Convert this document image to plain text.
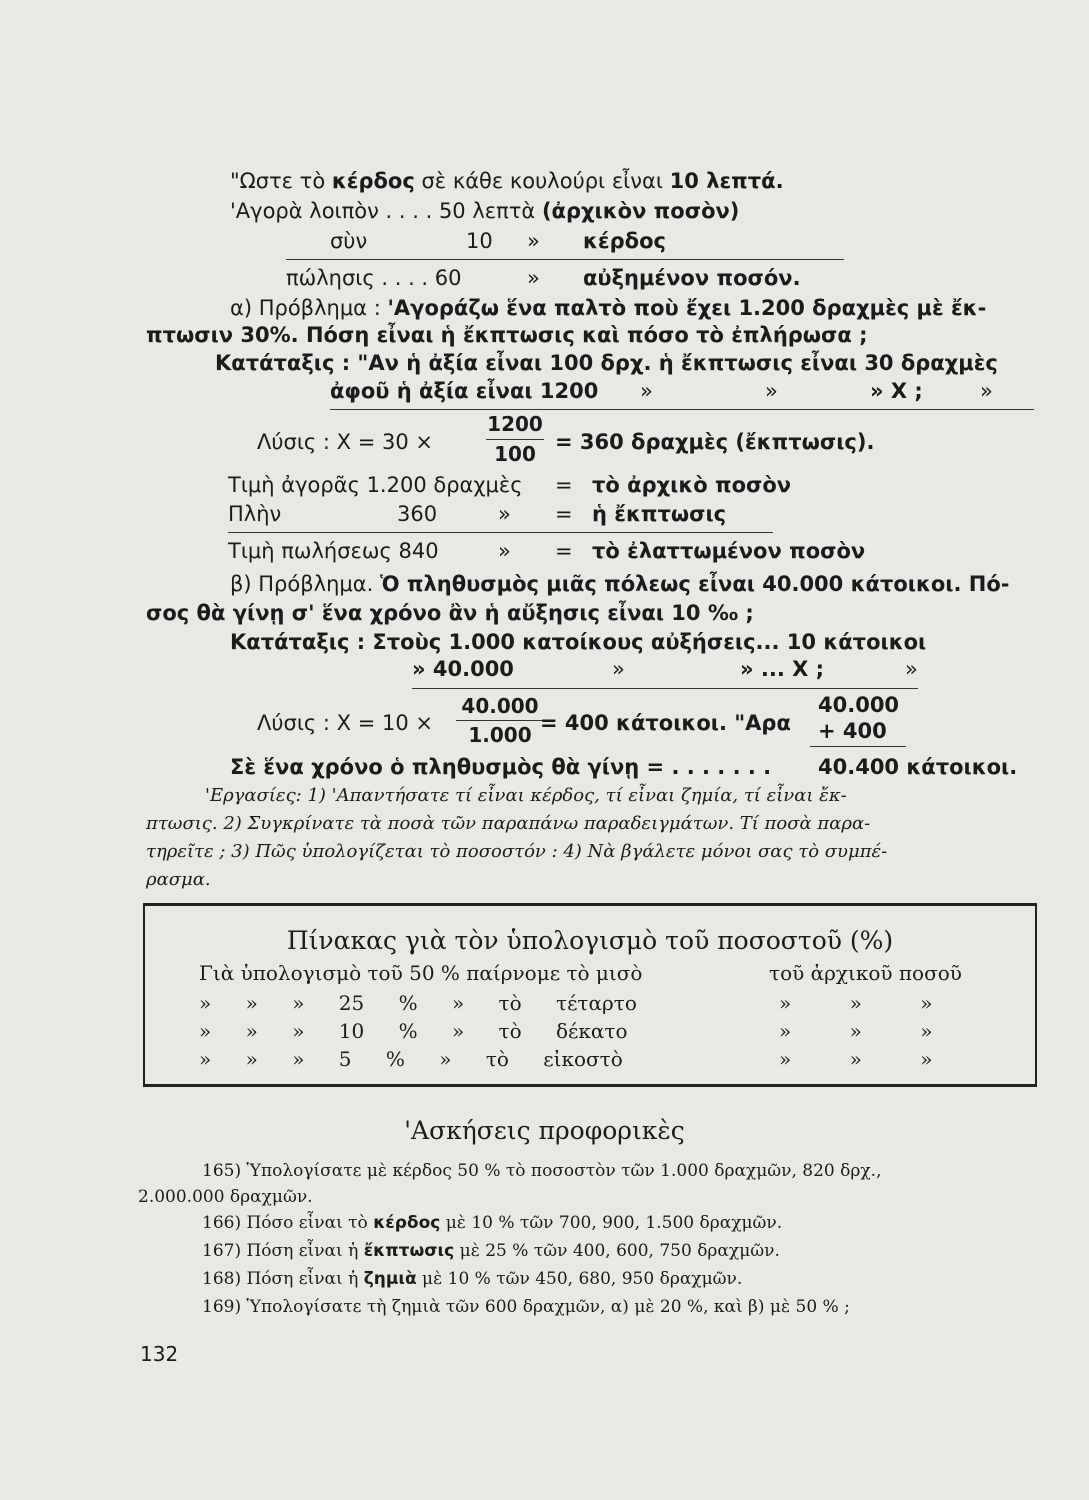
"Ωστε τὸ κέρδος σὲ κάθε κουλούρι εἶναι 10 λεπτά.
'Αγορὰ λοιπὸν . . . . 50 λεπτὰ (ἀρχικὸν ποσὸν)
σὺν	10 » κέρδος
πώλησις . . . . 60	» αὐξημένον ποσόν.
α) Πρόβλημα : 'Αγοράζω ἕνα παλτὸ ποὺ ἔχει 1.200 δραχμὲς μὲ ἔκ-
πτωσιν 30%. Πόση εἶναι ἡ ἔκπτωσις καὶ πόσο τὸ ἐπλήρωσα ;
Κατάταξις : "Αν ἡ ἀξία εἶναι 100 δρχ. ἡ ἔκπτωσις εἶναι 30 δραχμὲς
ἀφοῦ ἡ ἀξία εἶναι 1200 »	»	» X ;	»
Λύσις : X = 30 ×
1200
100 = 360 δραχμὲς (ἔκπτωσις).
Τιμὴ ἀγορᾶς 1.200 δραχμὲς = τὸ ἀρχικὸ ποσὸν
Πλὴν	360	» = ἡ ἔκπτωσις
Τιμὴ πωλήσεως 840	» = τὸ ἐλαττωμένον ποσὸν
β) Πρόβλημα. Ὁ πληθυσμὸς μιᾶς πόλεως εἶναι 40.000 κάτοικοι. Πό-
σος θὰ γίνῃ σ' ἕνα χρόνο ἂν ἡ αὔξησις εἶναι 10 ‰ ;
Κατάταξις : Στοὺς 1.000 κατοίκους αὐξήσεις... 10 κάτοικοι
» 40.000	»	» ... X ;	»
Λύσις : X = 10 ×
40.000
1.000 = 400 κάτοικοι. "Αρα
40.000
+ 400
Σὲ ἕνα χρόνο ὁ πληθυσμὸς θὰ γίνῃ = . . . . . . . 40.400 κάτοικοι.
'Εργασίες: 1) 'Απαντήσατε τί εἶναι κέρδος, τί εἶναι ζημία, τί εἶναι ἔκ-
πτωσις. 2) Συγκρίνατε τὰ ποσὰ τῶν παραπάνω παραδειγμάτων. Τί ποσὰ παρα-
τηρεῖτε ; 3) Πῶς ὑπολογίζεται τὸ ποσοστόν : 4) Νὰ βγάλετε μόνοι σας τὸ συμπέ-
ρασμα.
Πίνακας γιὰ τὸν ὑπολογισμὸ τοῦ ποσοστοῦ (%)
Γιὰ ὑπολογισμὸ τοῦ 50 % παίρνομε τὸ μισὸ	τοῦ ἀρχικοῦ ποσοῦ
» » » 25 % » τὸ τέταρτο	» » »
» » » 10 % » τὸ δέκατο	» » »
» » » 5 % » τὸ εἰκοστὸ	» » »
'Ασκήσεις προφορικὲς
165) Ὑπολογίσατε μὲ κέρδος 50 % τὸ ποσοστὸν τῶν 1.000 δραχμῶν, 820 δρχ.,
2.000.000 δραχμῶν.
166) Πόσο εἶναι τὸ κέρδος μὲ 10 % τῶν 700, 900, 1.500 δραχμῶν.
167) Πόση εἶναι ἡ ἔκπτωσις μὲ 25 % τῶν 400, 600, 750 δραχμῶν.
168) Πόση εἶναι ἡ ζημιὰ μὲ 10 % τῶν 450, 680, 950 δραχμῶν.
169) Ὑπολογίσατε τὴ ζημιὰ τῶν 600 δραχμῶν, α) μὲ 20 %, καὶ β) μὲ 50 % ;
132
